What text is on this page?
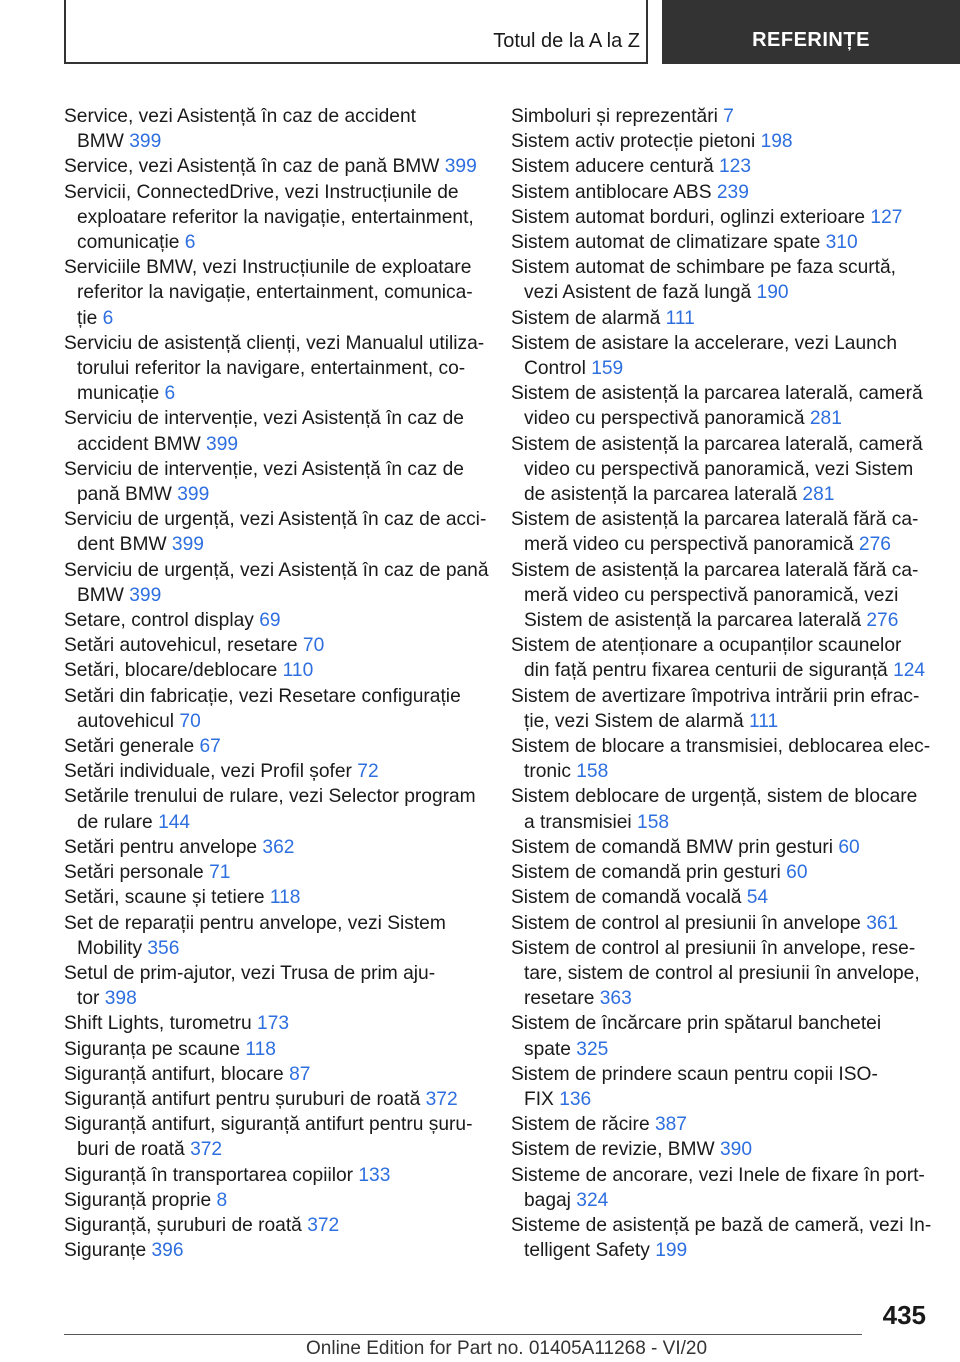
Totul de la A la Z	REFERINȚE
Service, vezi Asistență în caz de accident
BMW 399
Service, vezi Asistență în caz de pană BMW 399
Servicii, ConnectedDrive, vezi Instrucțiunile de
exploatare referitor la navigație, entertainment,
comunicație 6
Serviciile BMW, vezi Instrucțiunile de exploatare
referitor la navigație, entertainment, comunica‐
ție 6
Serviciu de asistență clienți, vezi Manualul utiliza‐
torului referitor la navigare, entertainment, co‐
municație 6
Serviciu de intervenție, vezi Asistență în caz de
accident BMW 399
Serviciu de intervenție, vezi Asistență în caz de
pană BMW 399
Serviciu de urgență, vezi Asistență în caz de acci‐
dent BMW 399
Serviciu de urgență, vezi Asistență în caz de pană
BMW 399
Setare, control display 69
Setări autovehicul, resetare 70
Setări, blocare/deblocare 110
Setări din fabricație, vezi Resetare configurație
autovehicul 70
Setări generale 67
Setări individuale, vezi Profil șofer 72
Setările trenului de rulare, vezi Selector program
de rulare 144
Setări pentru anvelope 362
Setări personale 71
Setări, scaune și tetiere 118
Set de reparații pentru anvelope, vezi Sistem
Mobility 356
Setul de prim-ajutor, vezi Trusa de prim aju‐
tor 398
Shift Lights, turometru 173
Siguranța pe scaune 118
Siguranță antifurt, blocare 87
Siguranță antifurt pentru șuruburi de roată 372
Siguranță antifurt, siguranță antifurt pentru șuru‐
buri de roată 372
Siguranță în transportarea copiilor 133
Siguranță proprie 8
Siguranță, șuruburi de roată 372
Siguranțe 396
Simboluri și reprezentări 7
Sistem activ protecție pietoni 198
Sistem aducere centură 123
Sistem antiblocare ABS 239
Sistem automat borduri, oglinzi exterioare 127
Sistem automat de climatizare spate 310
Sistem automat de schimbare pe faza scurtă,
vezi Asistent de fază lungă 190
Sistem de alarmă 111
Sistem de asistare la accelerare, vezi Launch
Control 159
Sistem de asistență la parcarea laterală, cameră
video cu perspectivă panoramică 281
Sistem de asistență la parcarea laterală, cameră
video cu perspectivă panoramică, vezi Sistem
de asistență la parcarea laterală 281
Sistem de asistență la parcarea laterală fără ca‐
meră video cu perspectivă panoramică 276
Sistem de asistență la parcarea laterală fără ca‐
meră video cu perspectivă panoramică, vezi
Sistem de asistență la parcarea laterală 276
Sistem de atenționare a ocupanților scaunelor
din față pentru fixarea centurii de siguranță 124
Sistem de avertizare împotriva intrării prin efrac‐
ție, vezi Sistem de alarmă 111
Sistem de blocare a transmisiei, deblocarea elec‐
tronic 158
Sistem deblocare de urgență, sistem de blocare
a transmisiei 158
Sistem de comandă BMW prin gesturi 60
Sistem de comandă prin gesturi 60
Sistem de comandă vocală 54
Sistem de control al presiunii în anvelope 361
Sistem de control al presiunii în anvelope, rese‐
tare, sistem de control al presiunii în anvelope,
resetare 363
Sistem de încărcare prin spătarul banchetei
spate 325
Sistem de prindere scaun pentru copii ISO‐
FIX 136
Sistem de răcire 387
Sistem de revizie, BMW 390
Sisteme de ancorare, vezi Inele de fixare în port‐
bagaj 324
Sisteme de asistență pe bază de cameră, vezi In‐
telligent Safety 199
435
Online Edition for Part no. 01405A11268 - VI/20
